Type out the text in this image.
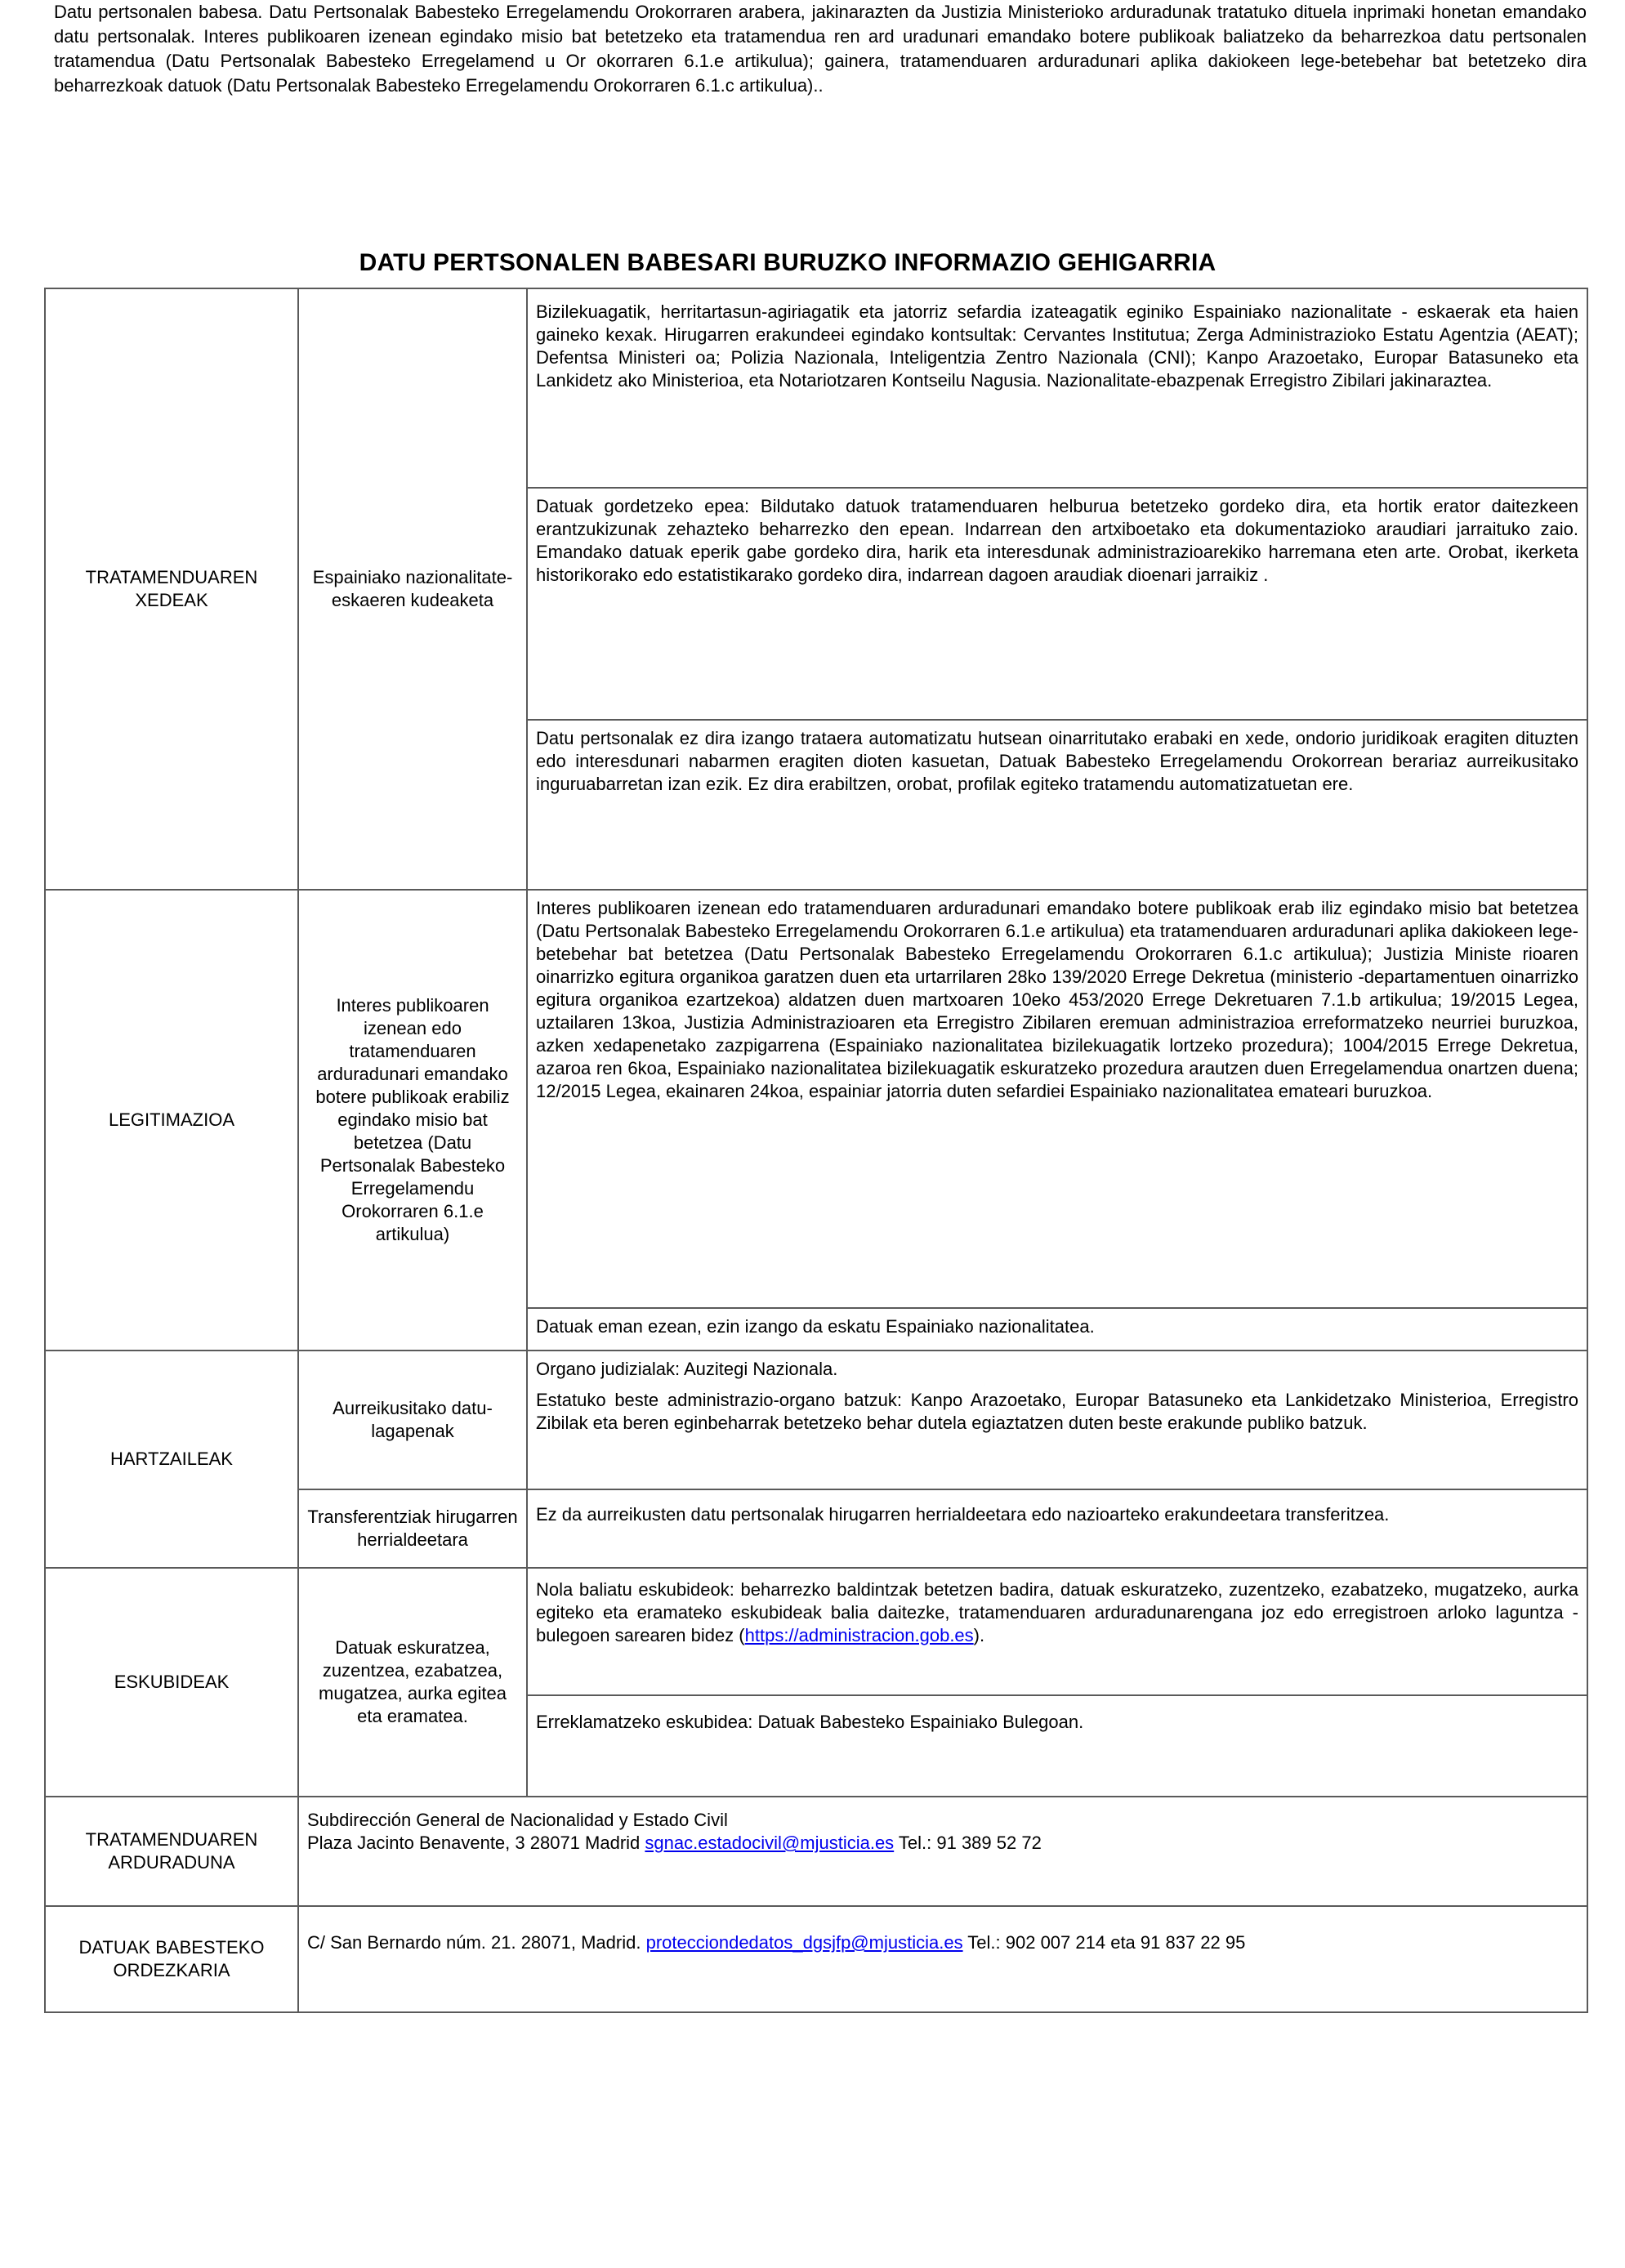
Datu pertsonalen babesa. Datu Pertsonalak Babesteko Erregelamendu Orokorraren arabera, jakinarazten da Justizia Ministerioko arduradunak tratatuko dituela inprimaki honetan emandako datu pertsonalak. Interes publikoaren izenean egindako misio bat betetzeko eta tratamendua ren ard uradunari emandako botere publikoak baliatzeko da beharrezkoa datu pertsonalen tratamendua (Datu Pertsonalak Babesteko Erregelamend u Or okorraren 6.1.e artikulua); gainera, tratamenduaren arduradunari aplika dakiokeen lege-betebehar bat betetzeko dira beharrezkoak datuok (Datu Pertsonalak Babesteko Erregelamendu Orokorraren 6.1.c artikulua)..

DATU PERTSONALEN BABESARI BURUZKO INFORMAZIO GEHIGARRIA
TRATAMENDUAREN XEDEAK	Espainiako nazionalitate-eskaeren kudeaketa	Bizilekuagatik, herritartasun-agiriagatik eta jatorriz sefardia izateagatik eginiko Espainiako nazionalitate - eskaerak eta haien gaineko kexak. Hirugarren erakundeei egindako kontsultak: Cervantes Institutua; Zerga Administrazioko Estatu Agentzia (AEAT); Defentsa Ministeri oa; Polizia Nazionala, Inteligentzia Zentro Nazionala (CNI); Kanpo Arazoetako, Europar Batasuneko eta Lankidetz ako Ministerioa, eta Notariotzaren Kontseilu Nagusia. Nazionalitate-ebazpenak Erregistro Zibilari jakinaraztea.

		Datuak gordetzeko epea: Bildutako datuok tratamenduaren helburua betetzeko gordeko dira, eta hortik erator daitezkeen erantzukizunak zehazteko beharrezko den epean. Indarrean den artxiboetako eta dokumentazioko araudiari jarraituko zaio. Emandako datuak eperik gabe gordeko dira, harik eta interesdunak administrazioarekiko harremana eten arte. Orobat, ikerketa historikorako edo estatistikarako gordeko dira, indarrean dagoen araudiak dioenari jarraikiz .

		Datu pertsonalak ez dira izango trataera automatizatu hutsean oinarritutako erabaki en xede, ondorio juridikoak eragiten dituzten edo interesdunari nabarmen eragiten dioten kasuetan, Datuak Babesteko Erregelamendu Orokorrean berariaz aurreikusitako inguruabarretan izan ezik. Ez dira erabiltzen, orobat, profilak egiteko tratamendu automatizatuetan ere.

LEGITIMAZIOA	Interes publikoaren izenean edo tratamenduaren arduradunari emandako botere publikoak erabiliz egindako misio bat betetzea (Datu Pertsonalak Babesteko Erregelamendu Orokorraren 6.1.e artikulua)	Interes publikoaren izenean edo tratamenduaren arduradunari emandako botere publikoak erab iliz egindako misio bat betetzea (Datu Pertsonalak Babesteko Erregelamendu Orokorraren 6.1.e artikulua) eta tratamenduaren arduradunari aplika dakiokeen lege-betebehar bat betetzea (Datu Pertsonalak Babesteko Erregelamendu Orokorraren 6.1.c artikulua); Justizia Ministe rioaren oinarrizko egitura organikoa garatzen duen eta urtarrilaren 28ko 139/2020 Errege Dekretua (ministerio -departamentuen oinarrizko egitura organikoa ezartzekoa) aldatzen duen martxoaren 10eko 453/2020 Errege Dekretuaren 7.1.b artikulua; 19/2015 Legea, uztailaren 13koa, Justizia Administrazioaren eta Erregistro Zibilaren eremuan administrazioa erreformatzeko neurriei buruzkoa, azken xedapenetako zazpigarrena (Espainiako nazionalitatea bizilekuagatik lortzeko prozedura); 1004/2015 Errege Dekretua, azaroa ren 6koa, Espainiako nazionalitatea bizilekuagatik eskuratzeko prozedura arautzen duen Erregelamendua onartzen duena; 12/2015 Legea, ekainaren 24koa, espainiar jatorria duten sefardiei Espainiako nazionalitatea emateari buruzkoa.

		Datuak eman ezean, ezin izango da eskatu Espainiako nazionalitatea.

HARTZAILEAK	Aurreikusitako datu-lagapenak	Organo judizialak: Auzitegi Nazionala.

Estatuko beste administrazio-organo batzuk: Kanpo Arazoetako, Europar Batasuneko eta Lankidetzako Ministerioa, Erregistro Zibilak eta beren eginbeharrak betetzeko behar dutela egiaztatzen duten beste erakunde publiko batzuk.

	Transferentziak hirugarren herrialdeetara	Ez da aurreikusten datu pertsonalak hirugarren herrialdeetara edo nazioarteko erakundeetara transferitzea.

ESKUBIDEAK	Datuak eskuratzea, zuzentzea, ezabatzea, mugatzea, aurka egitea eta eramatea.	Nola baliatu eskubideok: beharrezko baldintzak betetzen badira, datuak eskuratzeko, zuzentzeko, ezabatzeko, mugatzeko, aurka egiteko eta eramateko eskubideak balia daitezke, tratamenduaren arduradunarengana joz edo erregistroen arloko laguntza -bulegoen sarearen bidez (https://administracion.gob.es).

		Erreklamatzeko eskubidea: Datuak Babesteko Espainiako Bulegoan.

TRATAMENDUAREN ARDURADUNA	Subdirección General de Nacionalidad y Estado Civil
Plaza Jacinto Benavente, 3 28071 Madrid sgnac.estadocivil@mjusticia.es Tel.: 91 389 52 72	

DATUAK BABESTEKO ORDEZKARIA	C/ San Bernardo núm. 21. 28071, Madrid. protecciondedatos_dgsjfp@mjusticia.es Tel.: 902 007 214 eta 91 837 22 95	
